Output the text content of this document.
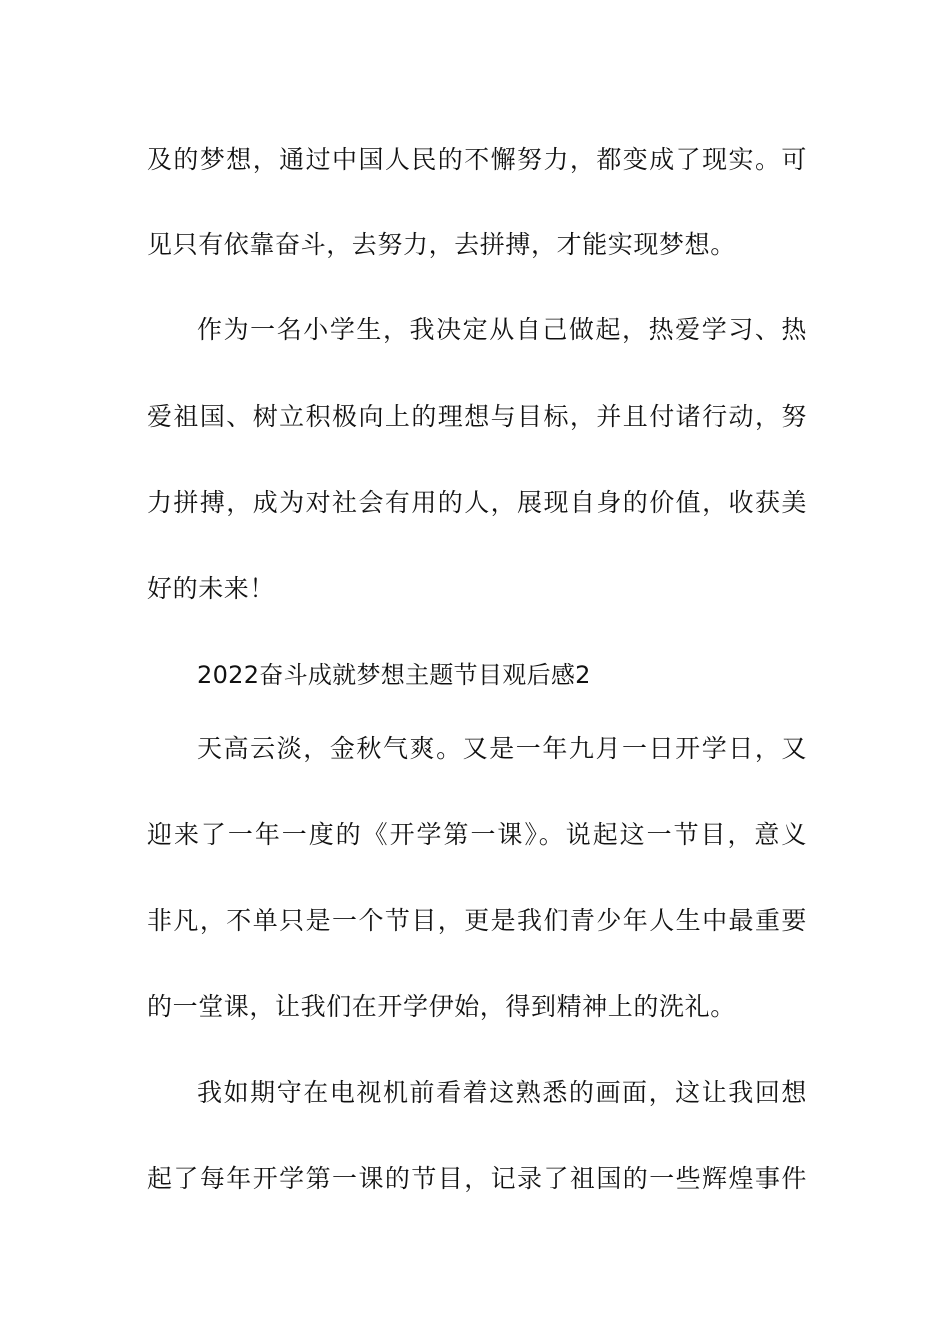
及的梦想，通过中国人民的不懈努力，都变成了现实。可
见只有依靠奋斗，去努力，去拼搏，才能实现梦想。
作为一名小学生，我决定从自己做起，热爱学习、热
爱祖国、树立积极向上的理想与目标，并且付诸行动，努
力拼搏，成为对社会有用的人，展现自身的价值，收获美
好的未来！
2022奋斗成就梦想主题节目观后感2
天高云淡，金秋气爽。又是一年九月一日开学日，又
迎来了一年一度的《开学第一课》。说起这一节目，意义
非凡，不单只是一个节目，更是我们青少年人生中最重要
的一堂课，让我们在开学伊始，得到精神上的洗礼。
我如期守在电视机前看着这熟悉的画面，这让我回想
起了每年开学第一课的节目，记录了祖国的一些辉煌事件
